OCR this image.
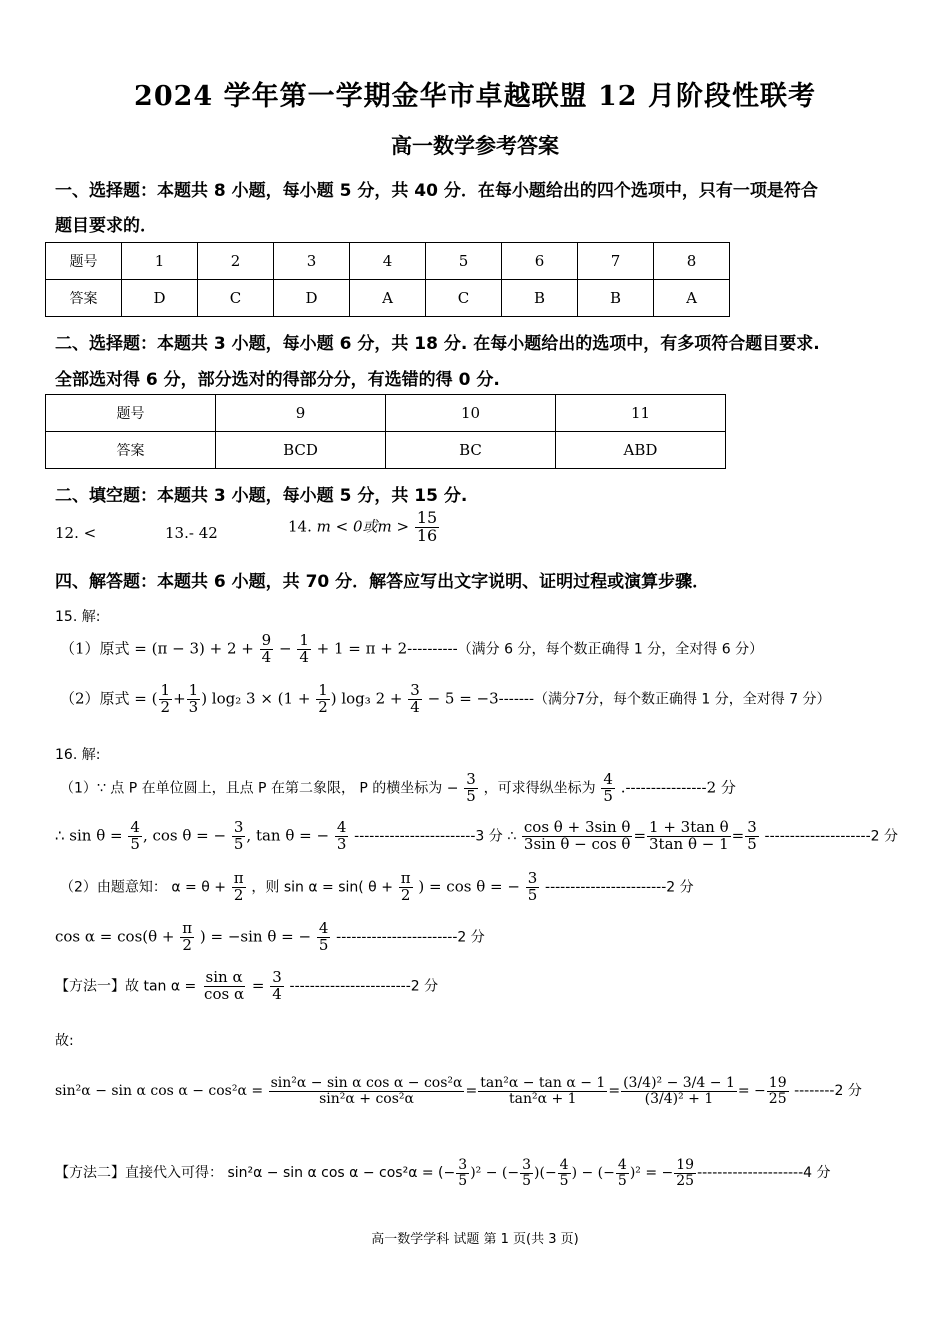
2024 学年第一学期金华市卓越联盟 12 月阶段性联考
高一数学参考答案
一、选择题：本题共 8 小题，每小题 5 分，共 40 分．在每小题给出的四个选项中，只有一项是符合
题目要求的．
题号	1	2	3	4	5	6	7	8
答案	D	C	D	A	C	B	B	A
二、选择题：本题共 3 小题，每小题 6 分，共 18 分. 在每小题给出的选项中，有多项符合题目要求.
全部选对得 6 分，部分选对的得部分分，有选错的得 0 分.
题号	9	10	11
答案	BCD	BC	ABD
二、填空题：本题共 3 小题，每小题 5 分，共 15 分.
12. <	13.- 42	14. m < 0或$m > \frac{15}{16}$
四、解答题：本题共 6 小题，共 70 分．解答应写出文字说明、证明过程或演算步骤．
15. 解:
（1）原式 = $(\pi - 3) + 2 + \frac{9}{4} - \frac{1}{4} + 1 = \pi + 2----------$（满分 6 分，每个数正确得 1 分，全对得 6 分）
（2）原式 = ( $\frac{1}{2} + \frac{1}{3}$ ) log₂ $3 \times (1 + \frac{1}{2}$ ) log₃ $2 + \frac{3}{4} - 5 = -3-------$（满分7分，每个数正确得 1 分，全对得 7 分）
16. 解:
（1）∵ 点 P 在单位圆上，且点 P 在第二象限， P 的横坐标为 − $\frac{3}{5}$ ，可求得纵坐标为 $\frac{4}{5} .----------------2$ 分
∴ $\sin \theta = \frac{4}{5}$ , cos θ = − $\frac{3}{5}$ , tan θ = − $\frac{4}{3} ------------------------3$ 分 ∴ $\frac{\text{cos θ + 3sin θ}}{\text{3sin θ − cos θ}} = \frac{\text{1 + 3tan θ}}{\text{3tan θ − 1}} = \frac{3}{5} ---------------------2$ 分
（2）由题意知： $\alpha = \theta + \frac{\pi}{2}$ ，则 sin α = sin( $\theta + \frac{\pi}{2}$ ) = cos θ = − $\frac{3}{5} ------------------------2$ 分
$\cos \alpha = \cos(\theta + \frac{\pi}{2}$ ) = −sin θ = − $\frac{4}{5} ------------------------2$ 分
【方法一】故 $\tan \alpha = \frac{\text{sin α}}{\text{cos α}} = \frac{3}{4} ------------------------2$ 分
故:
sin²α − sin α $\cos \alpha - \cos^2\alpha = \frac{\text{sin²α − sin α cos α − cos²α}}{\text{sin²α + cos²α}} = \frac{\text{tan²α − tan α − 1}}{\text{tan²α + 1}} = \frac{\text{(3/4)² − 3/4 − 1}}{\text{(3/4)² + 1}}$ = − $\frac{19}{25} --------2$ 分
【方法二】直接代入可得： sin²α − sin α cos α − cos²α = (− $\frac{3}{5} )^2$ − (− $\frac{3}{5}$ )(− $\frac{4}{5}$ ) − (− $\frac{4}{5} )^2$ = − $\frac{19}{25} ---------------------4$ 分
高一数学学科 试题 第 1 页(共 3 页)
